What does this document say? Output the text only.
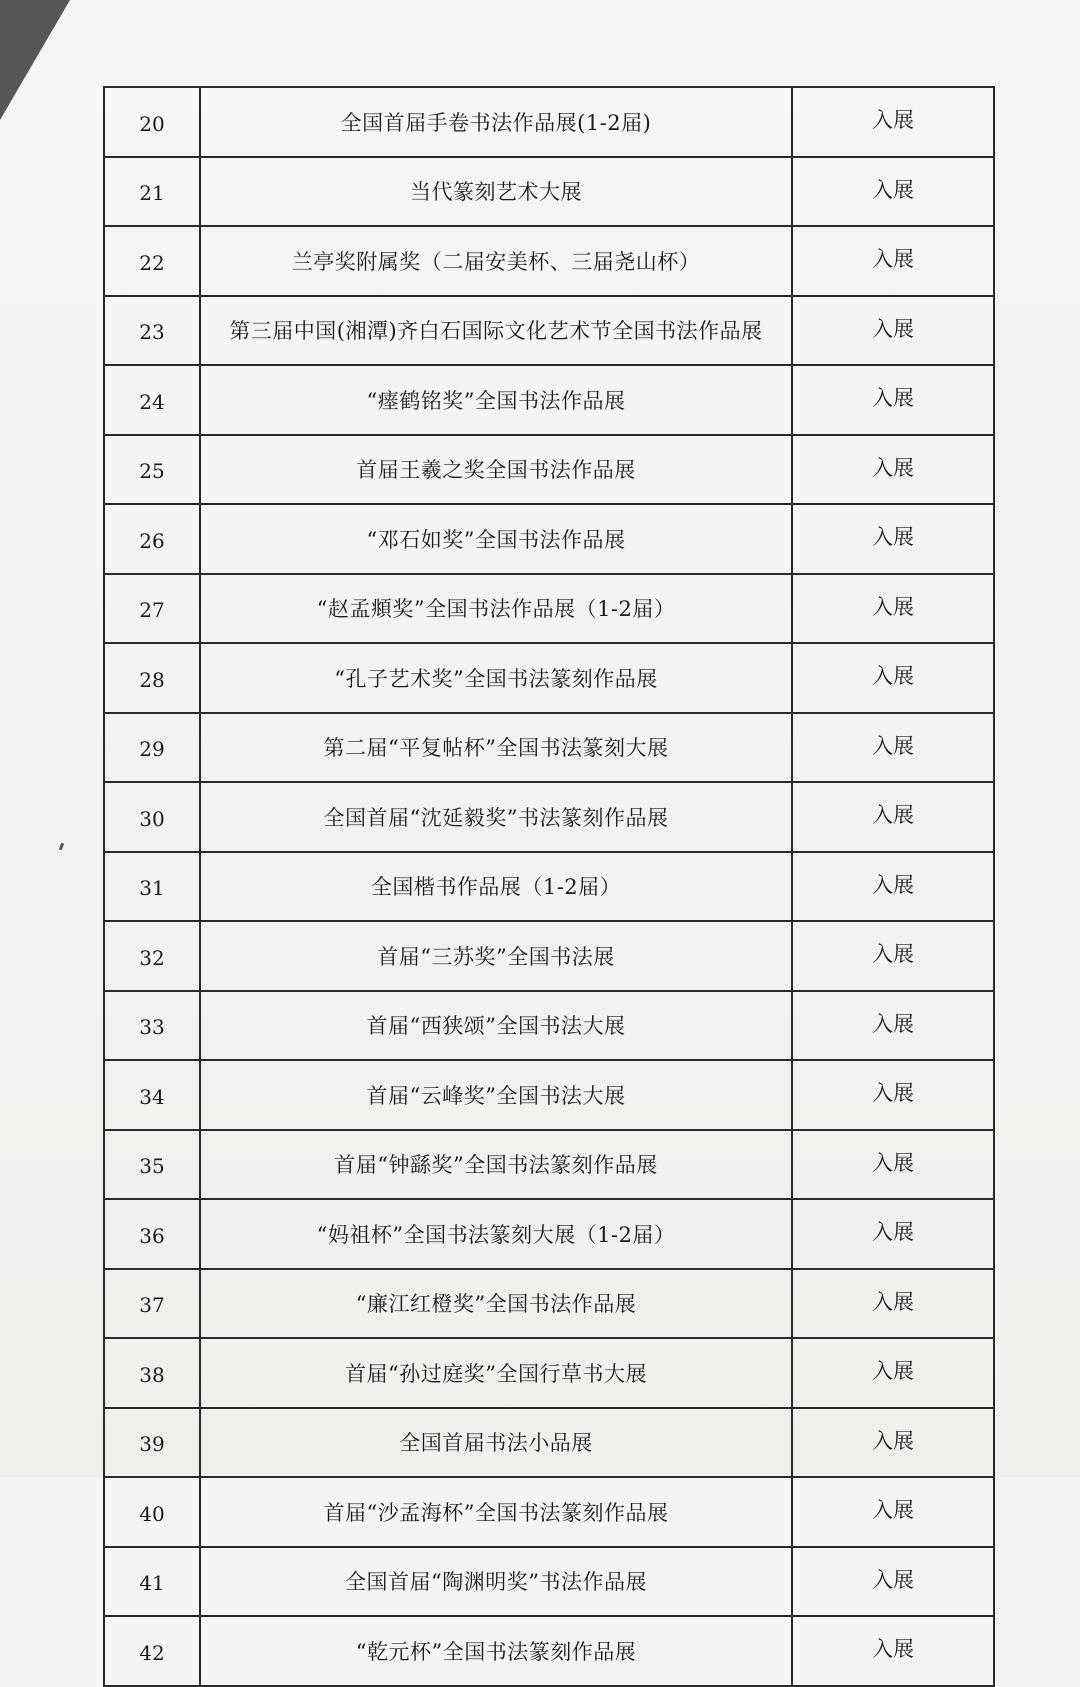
20	全国首届手卷书法作品展(1-2届)	入展
21	当代篆刻艺术大展	入展
22	兰亭奖附属奖（二届安美杯、三届尧山杯）	入展
23	第三届中国(湘潭)齐白石国际文化艺术节全国书法作品展	入展
24	“瘗鹤铭奖”全国书法作品展	入展
25	首届王羲之奖全国书法作品展	入展
26	“邓石如奖”全国书法作品展	入展
27	“赵孟頫奖”全国书法作品展（1-2届）	入展
28	“孔子艺术奖”全国书法篆刻作品展	入展
29	第二届“平复帖杯”全国书法篆刻大展	入展
30	全国首届“沈延毅奖”书法篆刻作品展	入展
31	全国楷书作品展（1-2届）	入展
32	首届“三苏奖”全国书法展	入展
33	首届“西狭颂”全国书法大展	入展
34	首届“云峰奖”全国书法大展	入展
35	首届“钟繇奖”全国书法篆刻作品展	入展
36	“妈祖杯”全国书法篆刻大展（1-2届）	入展
37	“廉江红橙奖”全国书法作品展	入展
38	首届“孙过庭奖”全国行草书大展	入展
39	全国首届书法小品展	入展
40	首届“沙孟海杯”全国书法篆刻作品展	入展
41	全国首届“陶渊明奖”书法作品展	入展
42	“乾元杯”全国书法篆刻作品展	入展
